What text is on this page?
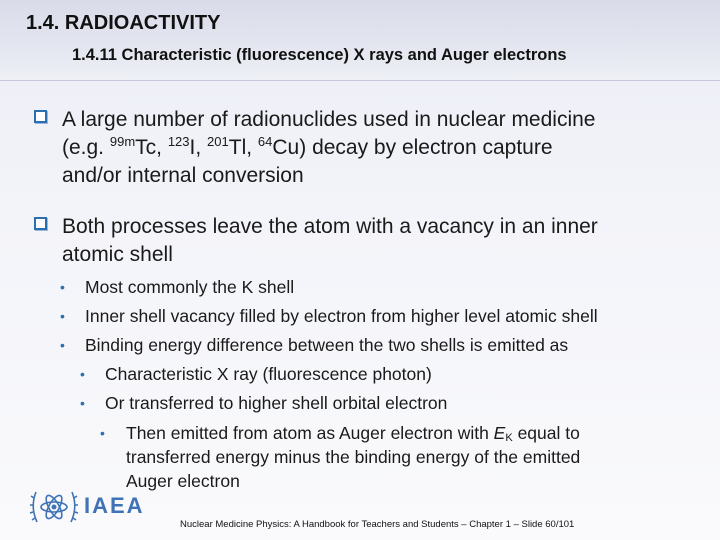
1.4. RADIOACTIVITY
1.4.11 Characteristic (fluorescence) X rays and Auger electrons
A large number of radionuclides used in nuclear medicine
(e.g. $^{99m}$Tc, $^{123}$I, $^{201}$Tl, $^{64}$Cu) decay by electron capture
and/or internal conversion
Both processes leave the atom with a vacancy in an inner
atomic shell
• Most commonly the K shell
• Inner shell vacancy filled by electron from higher level atomic shell
• Binding energy difference between the two shells is emitted as
• Characteristic X ray (fluorescence photon)
• Or transferred to higher shell orbital electron
• Then emitted from atom as Auger electron with $E_K$ equal to
transferred energy minus the binding energy of the emitted
Auger electron
IAEA
Nuclear Medicine Physics: A Handbook for Teachers and Students – Chapter 1 – Slide 60/101
